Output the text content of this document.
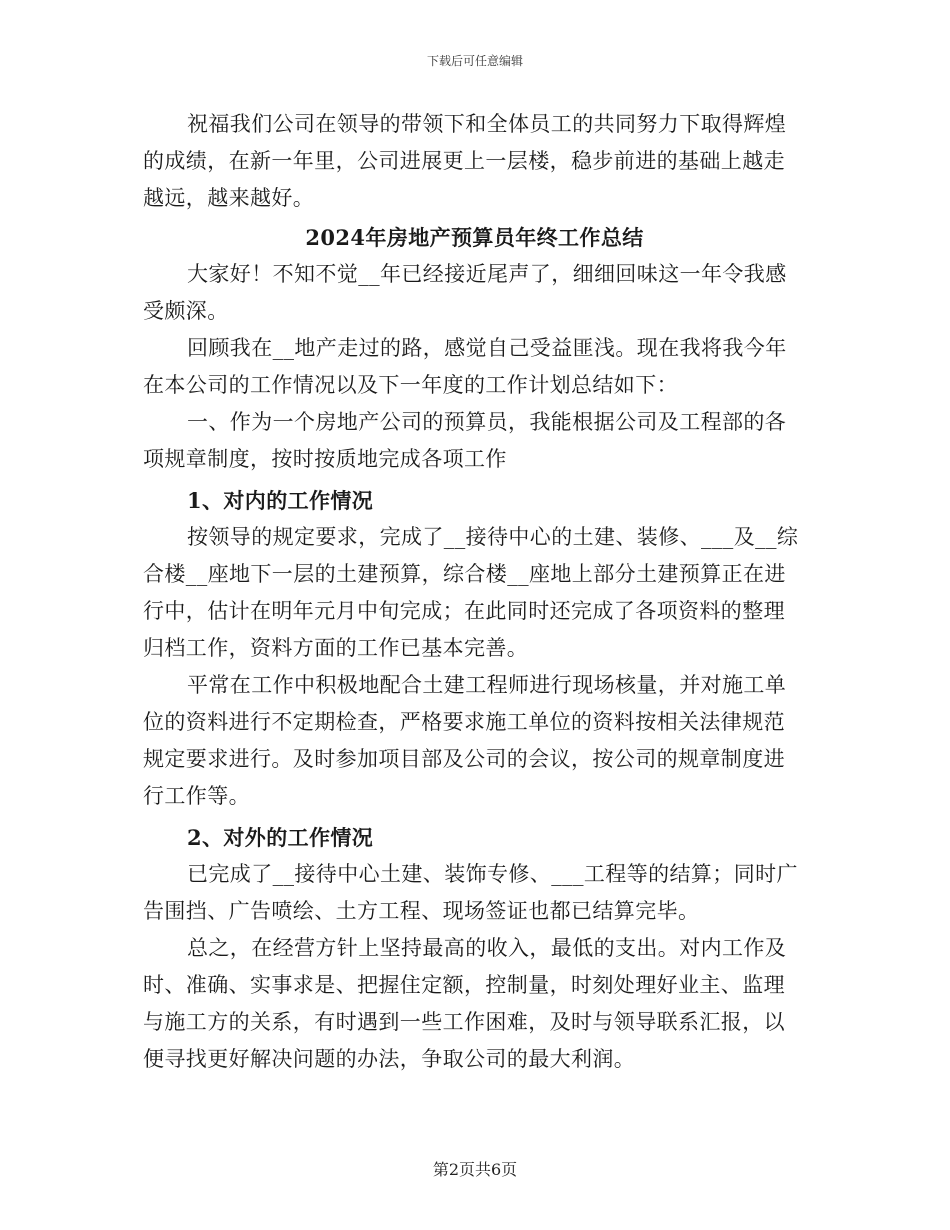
下载后可任意编辑

祝福我们公司在领导的带领下和全体员工的共同努力下取得辉煌的成绩，在新一年里，公司进展更上一层楼，稳步前进的基础上越走越远，越来越好。

2024年房地产预算员年终工作总结

大家好！不知不觉__年已经接近尾声了，细细回味这一年令我感受颇深。

回顾我在__地产走过的路，感觉自己受益匪浅。现在我将我今年在本公司的工作情况以及下一年度的工作计划总结如下：

一、作为一个房地产公司的预算员，我能根据公司及工程部的各项规章制度，按时按质地完成各项工作

1、对内的工作情况

按领导的规定要求，完成了__接待中心的土建、装修、___及__综合楼__座地下一层的土建预算，综合楼__座地上部分土建预算正在进行中，估计在明年元月中旬完成；在此同时还完成了各项资料的整理归档工作，资料方面的工作已基本完善。

平常在工作中积极地配合土建工程师进行现场核量，并对施工单位的资料进行不定期检查，严格要求施工单位的资料按相关法律规范规定要求进行。及时参加项目部及公司的会议，按公司的规章制度进行工作等。

2、对外的工作情况

已完成了__接待中心土建、装饰专修、___工程等的结算；同时广告围挡、广告喷绘、土方工程、现场签证也都已结算完毕。

总之，在经营方针上坚持最高的收入，最低的支出。对内工作及时、准确、实事求是、把握住定额，控制量，时刻处理好业主、监理与施工方的关系，有时遇到一些工作困难，及时与领导联系汇报，以便寻找更好解决问题的办法，争取公司的最大利润。

第2页共6页
